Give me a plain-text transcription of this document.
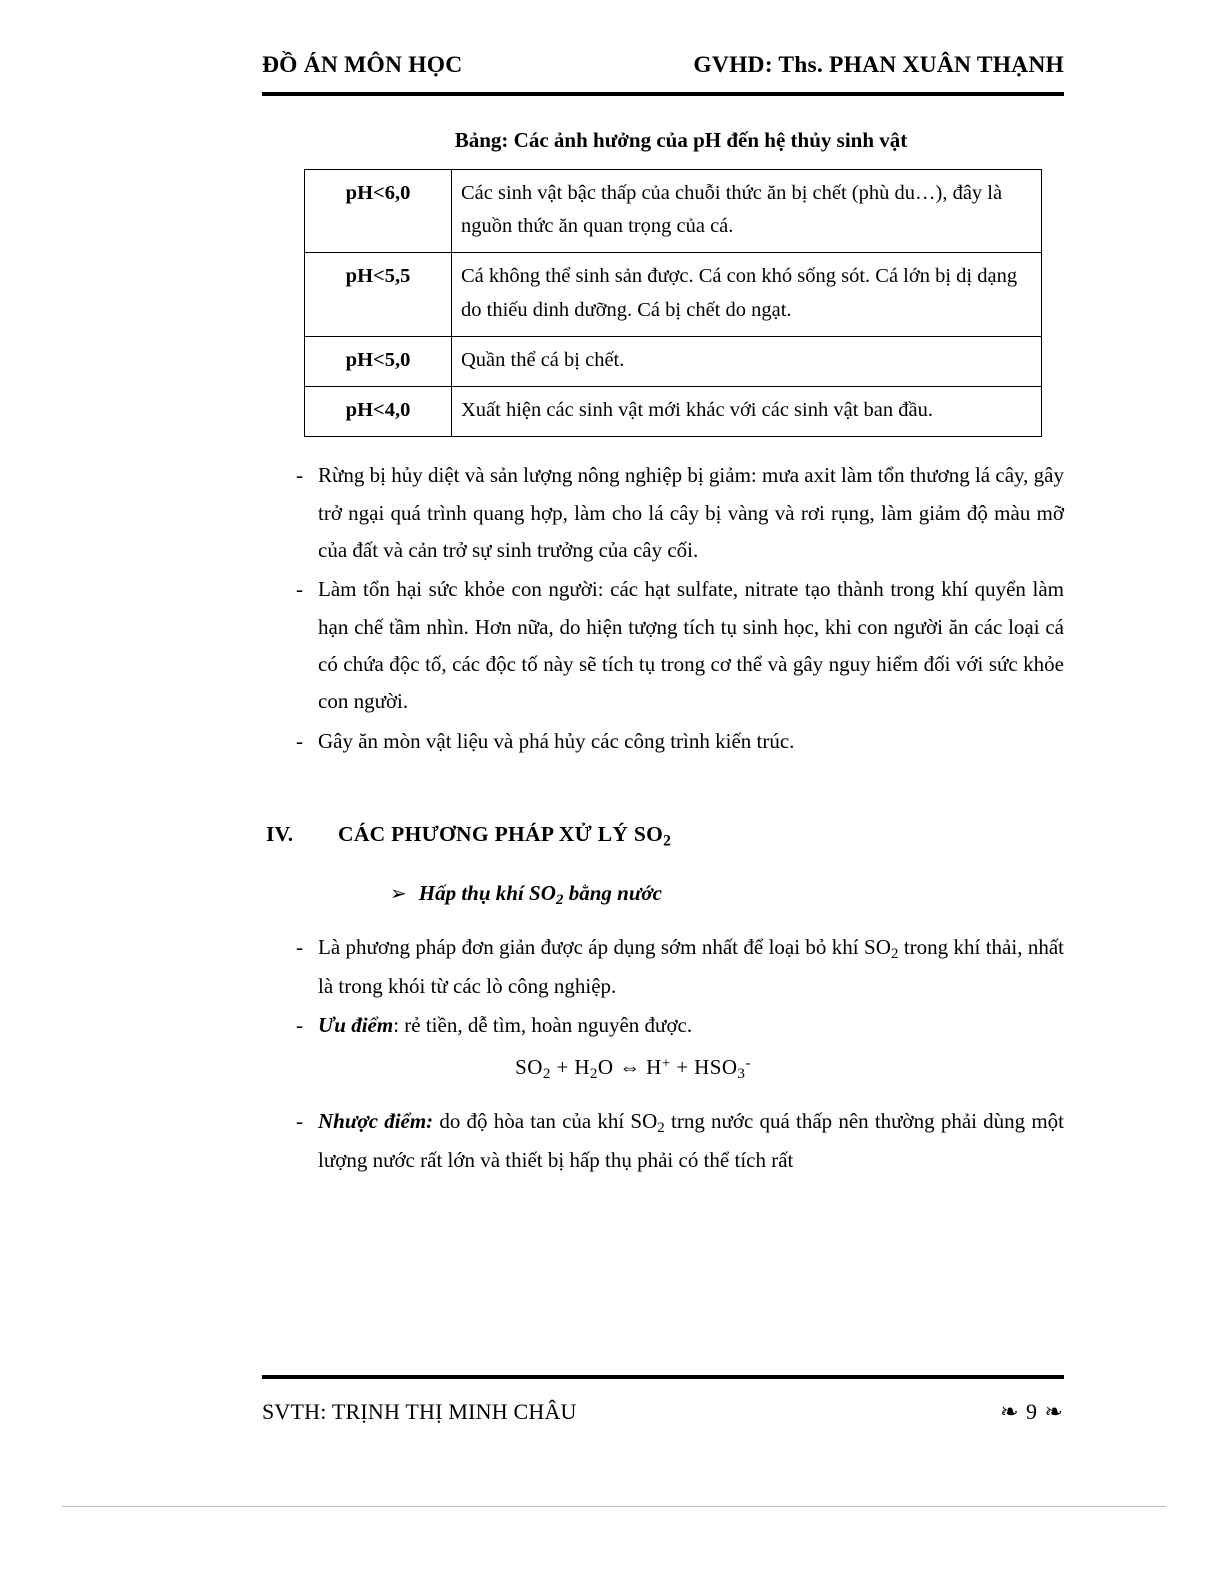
ĐỒ ÁN MÔN HỌC	GVHD: Ths. PHAN XUÂN THẠNH
Bảng: Các ảnh hưởng của pH đến hệ thủy sinh vật
pH<6,0	Các sinh vật bậc thấp của chuỗi thức ăn bị chết (phù du…), đây là nguồn thức ăn quan trọng của cá.
pH<5,5	Cá không thể sinh sản được. Cá con khó sống sót. Cá lớn bị dị dạng do thiếu dinh dưỡng. Cá bị chết do ngạt.
pH<5,0	Quần thể cá bị chết.
pH<4,0	Xuất hiện các sinh vật mới khác với các sinh vật ban đầu.
- Rừng bị hủy diệt và sản lượng nông nghiệp bị giảm: mưa axit làm tổn thương lá cây, gây trở ngại quá trình quang hợp, làm cho lá cây bị vàng và rơi rụng, làm giảm độ màu mỡ của đất và cản trở sự sinh trưởng của cây cối.
- Làm tổn hại sức khỏe con người: các hạt sulfate, nitrate tạo thành trong khí quyển làm hạn chế tầm nhìn. Hơn nữa, do hiện tượng tích tụ sinh học, khi con người ăn các loại cá có chứa độc tố, các độc tố này sẽ tích tụ trong cơ thể và gây nguy hiểm đối với sức khỏe con người.
- Gây ăn mòn vật liệu và phá hủy các công trình kiến trúc.
IV.	CÁC PHƯƠNG PHÁP XỬ LÝ $SO_2$
➢ Hấp thụ khí $SO_2$ bằng nước
- Là phương pháp đơn giản được áp dụng sớm nhất để loại bỏ khí $SO_2$ trong khí thải, nhất là trong khói từ các lò công nghiệp.
- Ưu điểm: rẻ tiền, dễ tìm, hoàn nguyên được.
$SO_2 + H_2O$ ⇔ $H^+ + HSO_3^-$
- Nhược điểm: do độ hòa tan của khí $SO_2$ trng nước quá thấp nên thường phải dùng một lượng nước rất lớn và thiết bị hấp thụ phải có thể tích rất
SVTH: TRỊNH THỊ MINH CHÂU	❧ 9 ❧
